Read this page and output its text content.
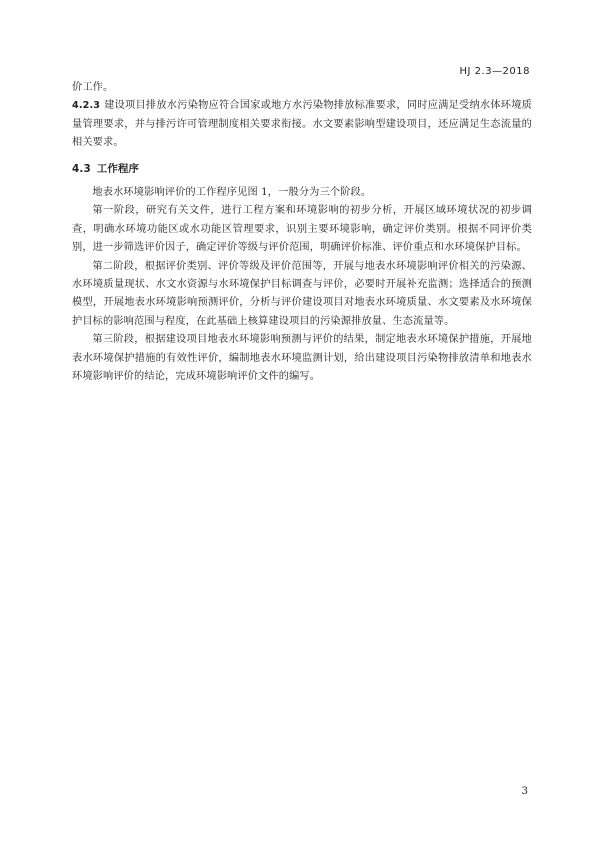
HJ 2.3—2018

价工作。

4.2.3 建设项目排放水污染物应符合国家或地方水污染物排放标准要求，同时应满足受纳水体环境质量管理要求，并与排污许可管理制度相关要求衔接。水文要素影响型建设项目，还应满足生态流量的相关要求。

4.3 工作程序

地表水环境影响评价的工作程序见图 1，一般分为三个阶段。

第一阶段，研究有关文件，进行工程方案和环境影响的初步分析，开展区域环境状况的初步调查，明确水环境功能区或水功能区管理要求，识别主要环境影响，确定评价类别。根据不同评价类别，进一步筛选评价因子，确定评价等级与评价范围，明确评价标准、评价重点和水环境保护目标。

第二阶段，根据评价类别、评价等级及评价范围等，开展与地表水环境影响评价相关的污染源、水环境质量现状、水文水资源与水环境保护目标调查与评价，必要时开展补充监测；选择适合的预测模型，开展地表水环境影响预测评价，分析与评价建设项目对地表水环境质量、水文要素及水环境保护目标的影响范围与程度，在此基础上核算建设项目的污染源排放量、生态流量等。

第三阶段，根据建设项目地表水环境影响预测与评价的结果，制定地表水环境保护措施，开展地表水环境保护措施的有效性评价，编制地表水环境监测计划，给出建设项目污染物排放清单和地表水环境影响评价的结论，完成环境影响评价文件的编写。

3
